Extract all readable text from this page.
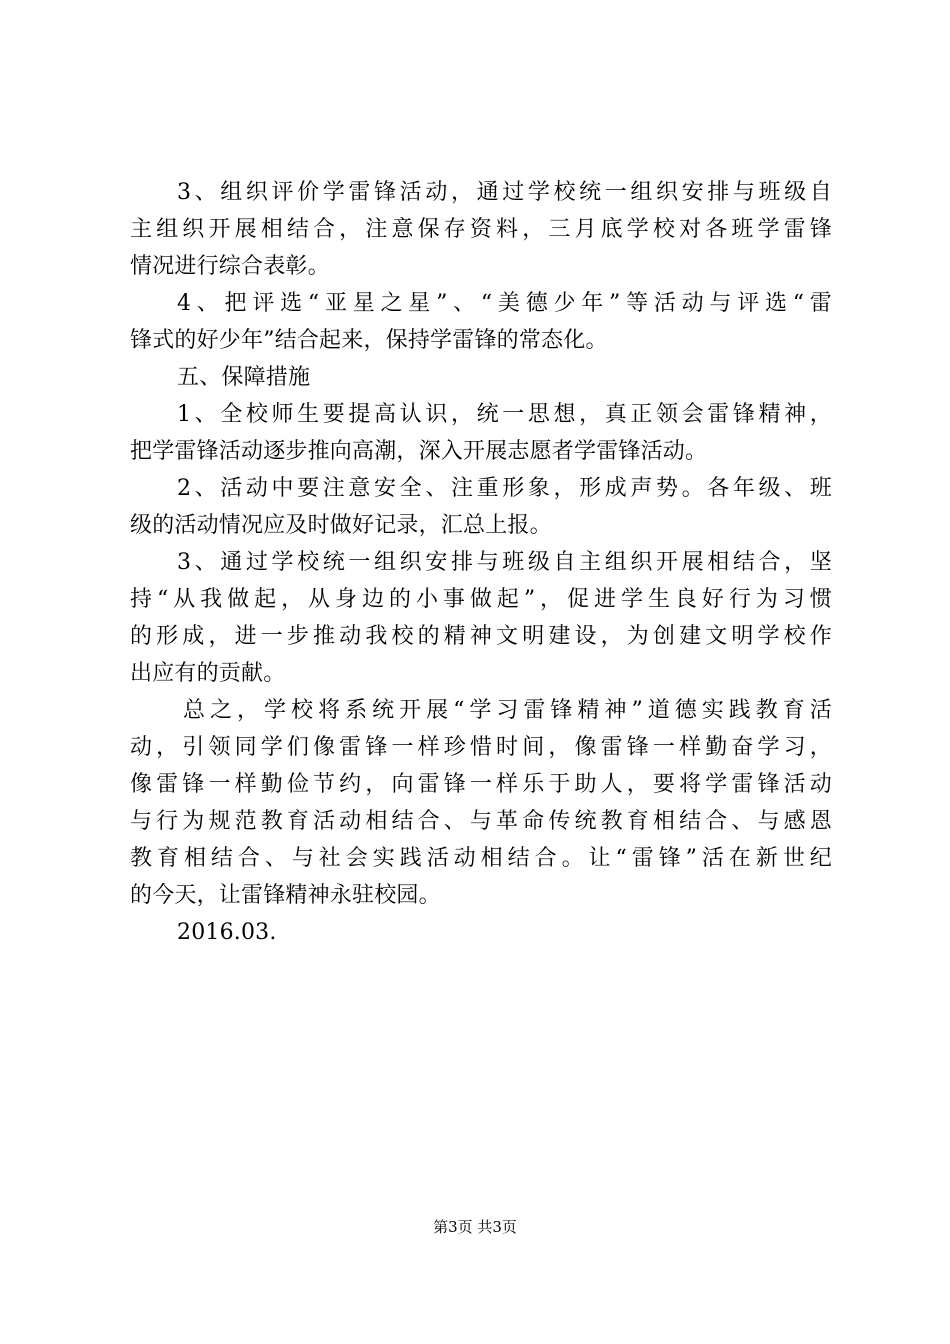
3、组织评价学雷锋活动，通过学校统一组织安排与班级自
主组织开展相结合，注意保存资料，三月底学校对各班学雷锋
情况进行综合表彰。
4、把评选“亚星之星”、“美德少年”等活动与评选“雷
锋式的好少年”结合起来，保持学雷锋的常态化。
五、保障措施
1、全校师生要提高认识，统一思想，真正领会雷锋精神，
把学雷锋活动逐步推向高潮，深入开展志愿者学雷锋活动。
2、活动中要注意安全、注重形象，形成声势。各年级、班
级的活动情况应及时做好记录，汇总上报。
3、通过学校统一组织安排与班级自主组织开展相结合，坚
持“从我做起，从身边的小事做起”，促进学生良好行为习惯
的形成，进一步推动我校的精神文明建设，为创建文明学校作
出应有的贡献。
总之，学校将系统开展“学习雷锋精神”道德实践教育活
动，引领同学们像雷锋一样珍惜时间，像雷锋一样勤奋学习，
像雷锋一样勤俭节约，向雷锋一样乐于助人，要将学雷锋活动
与行为规范教育活动相结合、与革命传统教育相结合、与感恩
教育相结合、与社会实践活动相结合。让“雷锋”活在新世纪
的今天，让雷锋精神永驻校园。
2016.03.
第3页 共3页
